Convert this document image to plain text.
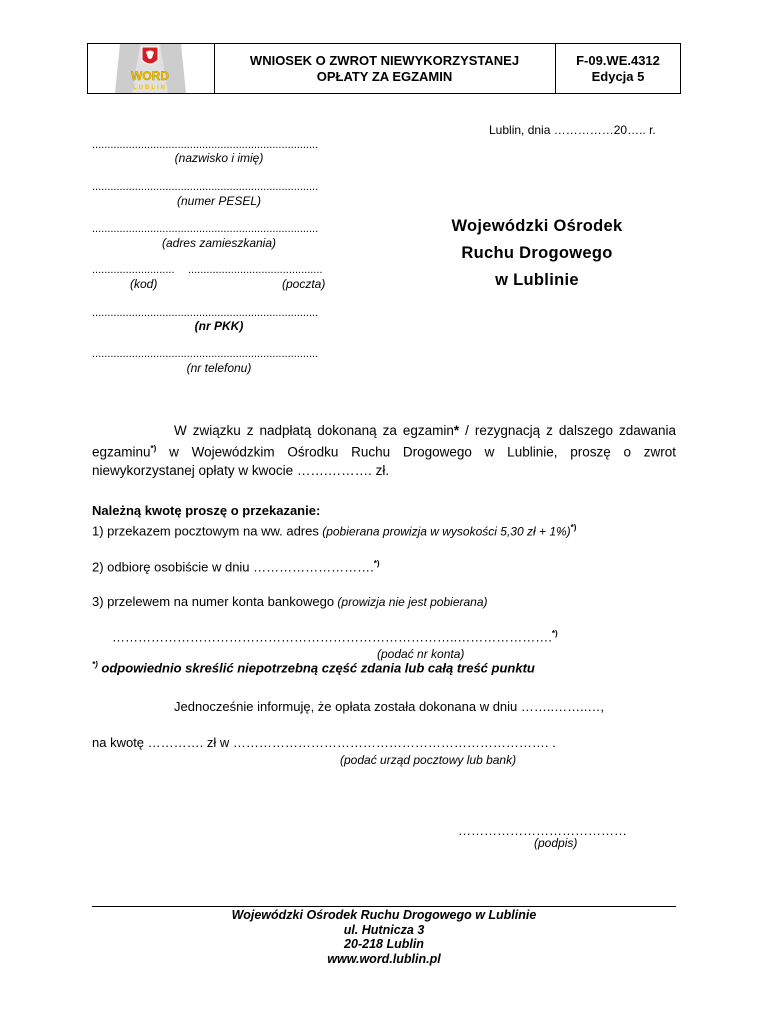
WORD
LUBLIN
WNIOSEK O ZWROT NIEWYKORZYSTANEJ
OPŁATY ZA EGZAMIN
F-09.WE.4312
Edycja 5
Lublin, dnia ……………20….. r.
..........................................................................
(nazwisko i imię)
..........................................................................
(numer PESEL)
..........................................................................
(adres zamieszkania)
...........................	............................................
(kod)	(poczta)
..........................................................................
(nr PKK)
..........................................................................
(nr telefonu)
Wojewódzki Ośrodek
Ruchu Drogowego
w Lublinie
W związku z nadpłatą dokonaną za egzamin* / rezygnacją z dalszego zdawania egzaminu*) w Wojewódzkim Ośrodku Ruchu Drogowego w Lublinie, proszę o zwrot niewykorzystanej opłaty w kwocie …….………. zł.
Należną kwotę proszę o przekazanie:
1) przekazem pocztowym na ww. adres (pobierana prowizja w wysokości 5,30 zł + 1%)*)
2) odbiorę osobiście w dniu ……………………….*)
3) przelewem na numer konta bankowego (prowizja nie jest pobierana)
……………………………………………………………………..………………….*)
(podać nr konta)
*) odpowiednio skreślić niepotrzebną część zdania lub całą treść punktu
Jednocześnie informuję, że opłata została dokonana w dniu ……..……..…,
na kwotę …………. zł w ………………………………………………………………. .
(podać urząd pocztowy lub bank)
…………………………………
(podpis)
Wojewódzki Ośrodek Ruchu Drogowego w Lublinie
ul. Hutnicza 3
20-218 Lublin
www.word.lublin.pl
